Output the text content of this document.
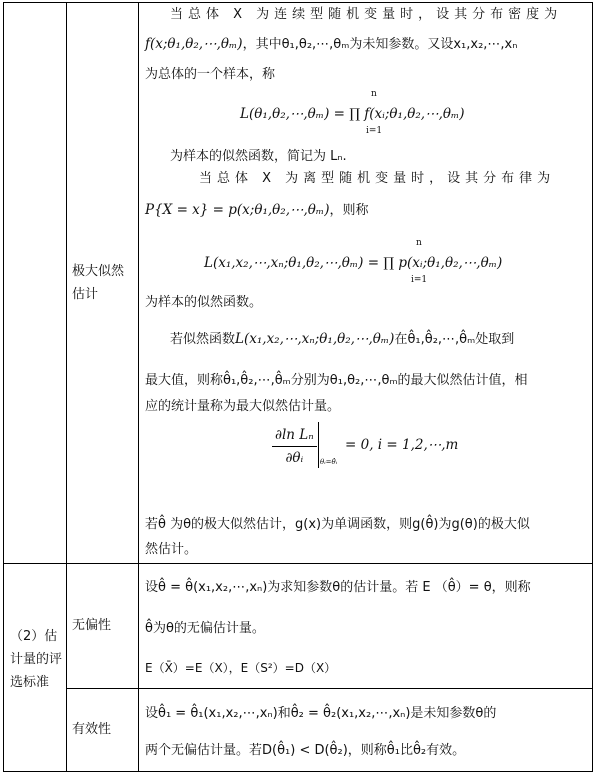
（2）估计量的评选标准
极大似然估计
无偏性
有效性
当总体 X 为连续型随机变量时，设其分布密度为
f(x;θ₁,θ₂,⋯,θₘ)，其中θ₁,θ₂,⋯,θₘ为未知参数。又设x₁,x₂,⋯,xₙ
为总体的一个样本，称
L(θ₁,θ₂,⋯,θₘ) = ∏ f(xᵢ;θ₁,θ₂,⋯,θₘ)
n
i=1
为样本的似然函数，简记为 Lₙ.
当总体 X 为离型随机变量时，设其分布律为
P{X = x} = p(x;θ₁,θ₂,⋯,θₘ)，则称
L(x₁,x₂,⋯,xₙ;θ₁,θ₂,⋯,θₘ) = ∏ p(xᵢ;θ₁,θ₂,⋯,θₘ)
n
i=1
为样本的似然函数。
若似然函数L(x₁,x₂,⋯,xₙ;θ₁,θ₂,⋯,θₘ)在θ̂₁,θ̂₂,⋯,θ̂ₘ处取到
最大值，则称θ̂₁,θ̂₂,⋯,θ̂ₘ分别为θ₁,θ₂,⋯,θₘ的最大似然估计值，相
应的统计量称为最大似然估计量。
$\frac{\text{∂ln Lₙ}}{\text{∂θᵢ}}$ θᵢ=θ̂ᵢ
= 0, i = 1,2,⋯,m
若θ̂ 为θ的极大似然估计，g(x)为单调函数，则g(θ̂)为g(θ)的极大似
然估计。
设θ̂ = θ̂(x₁,x₂,⋯,xₙ)为求知参数θ的估计量。若 E （θ̂）= θ，则称
θ̂为θ的无偏估计量。
E（X̄）=E（X），E（S²）=D（X）
设θ̂₁ = θ̂₁(x₁,x₂,⋯,xₙ)和θ̂₂ = θ̂₂(x₁,x₂,⋯,xₙ)是未知参数θ的
两个无偏估计量。若D(θ̂₁) < D(θ̂₂)，则称θ̂₁比θ̂₂有效。
